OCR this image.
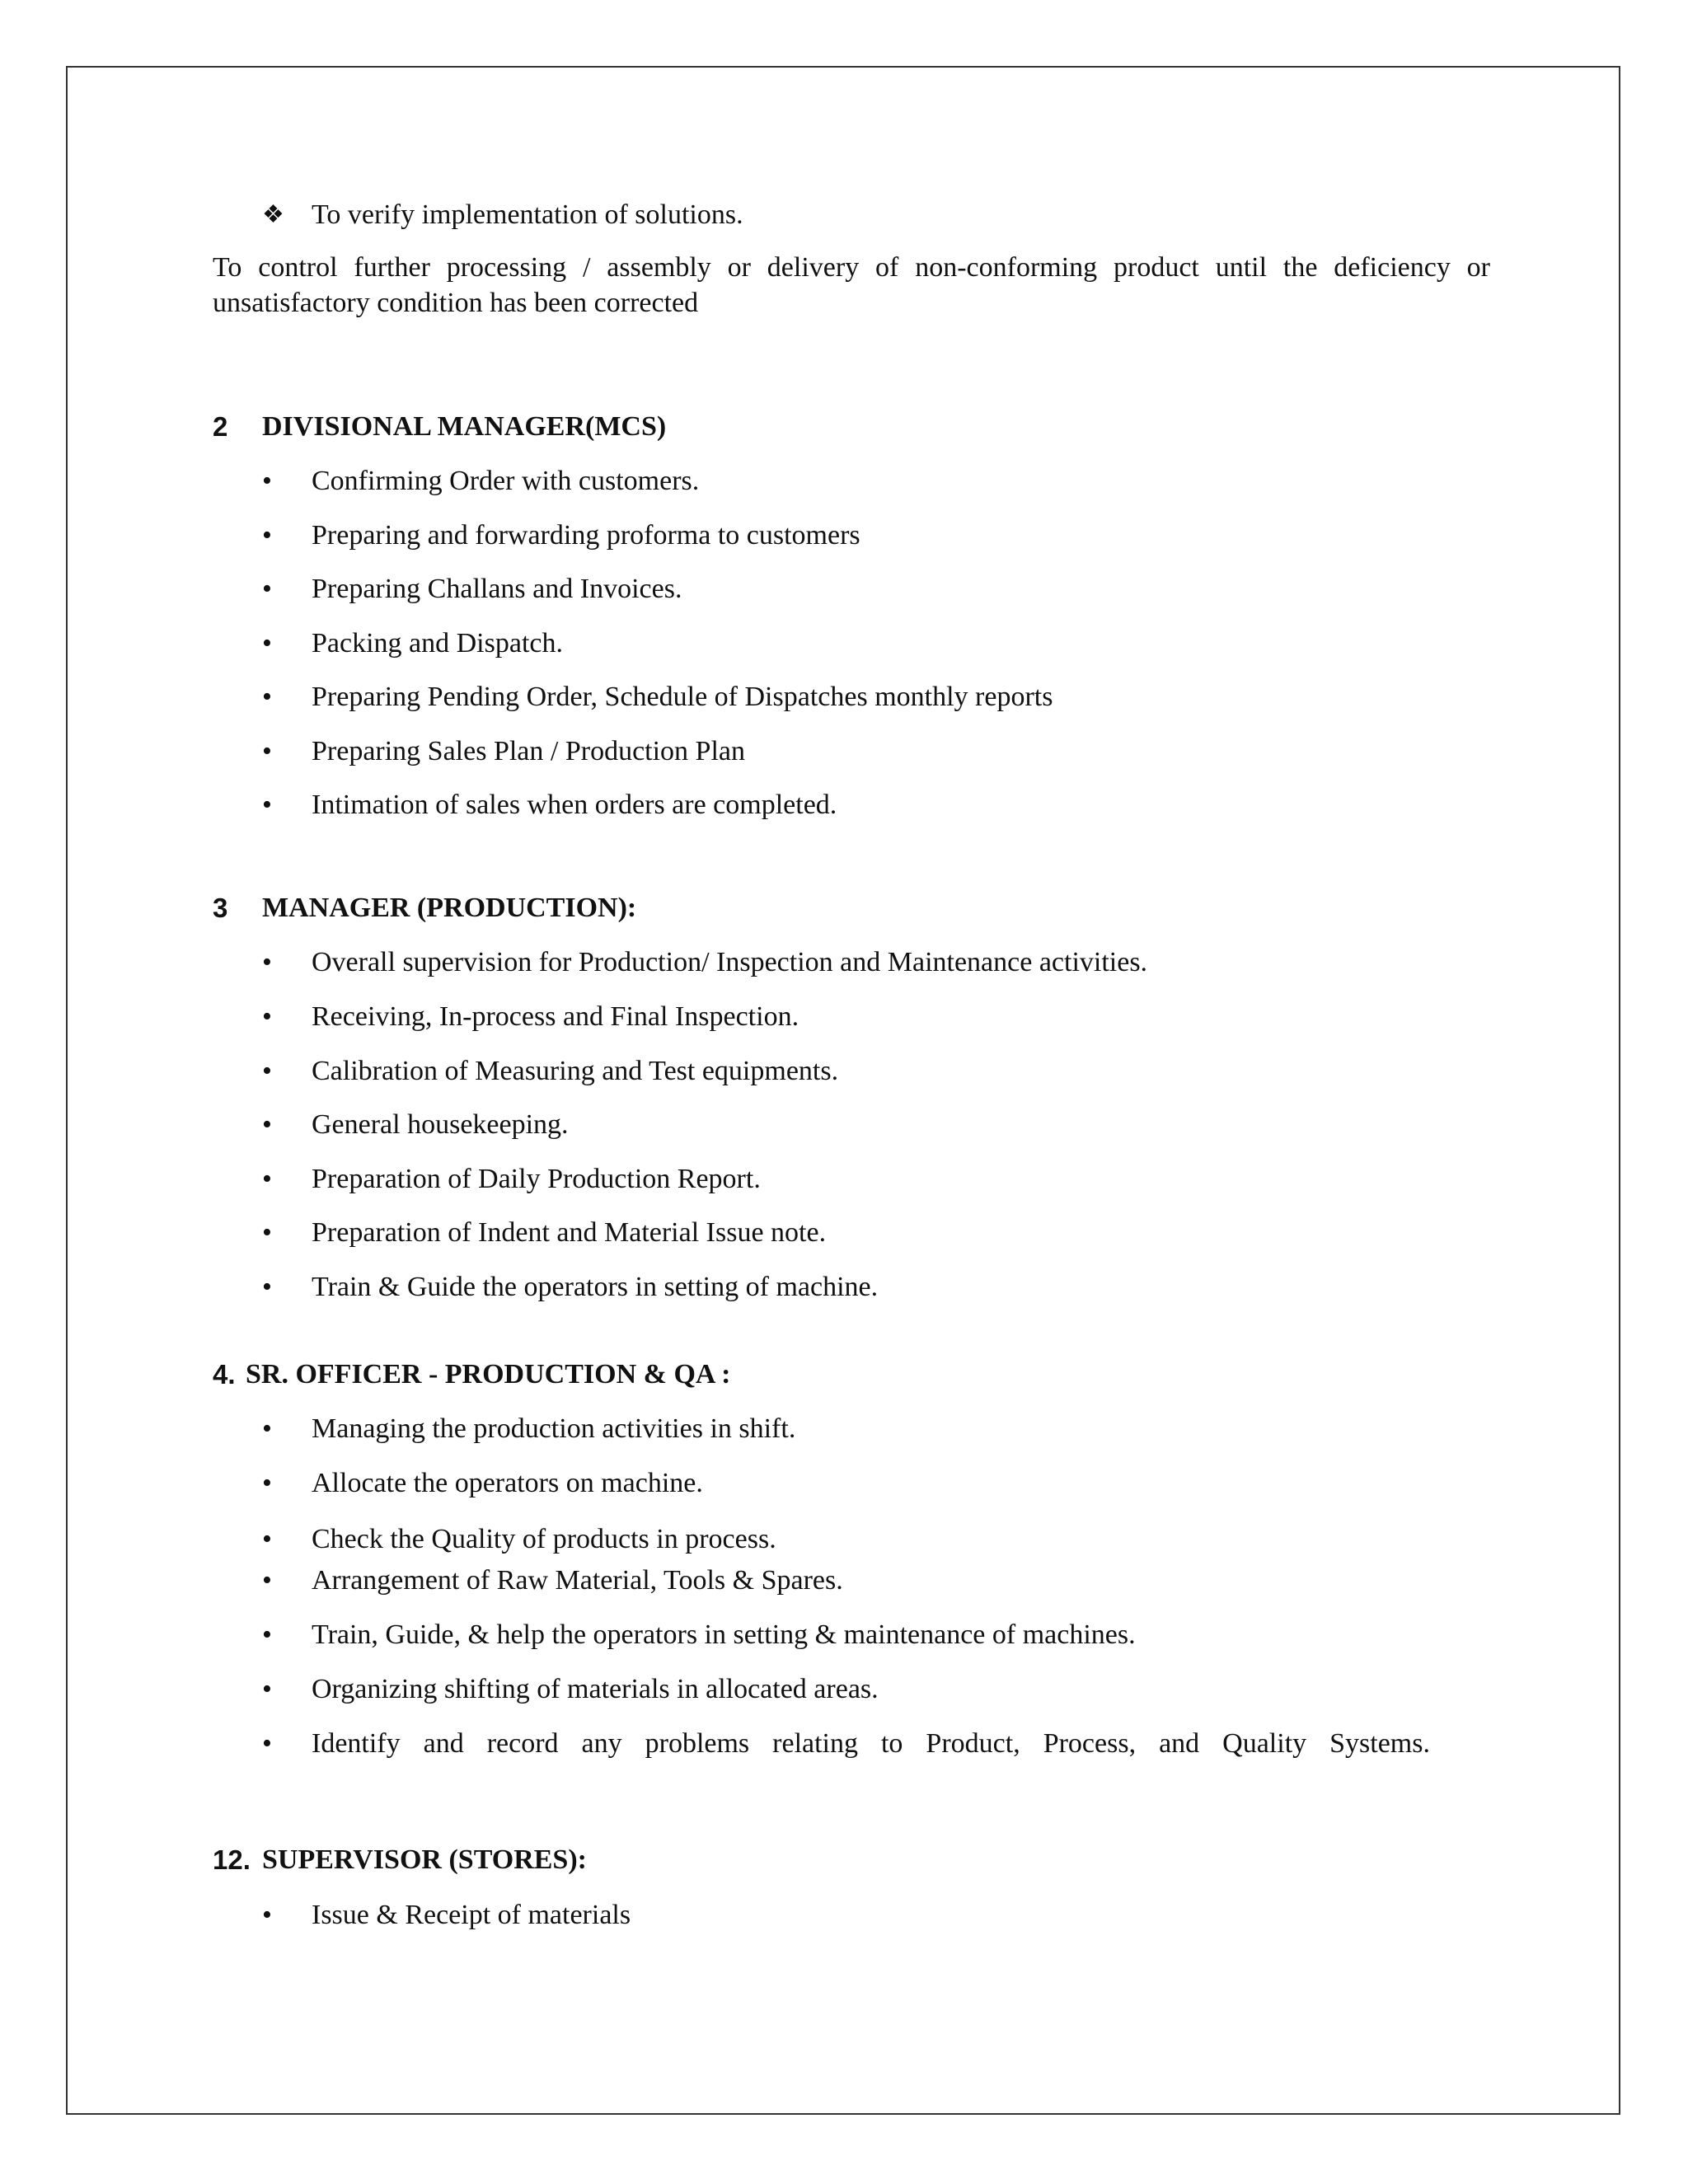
❖ To verify implementation of solutions.
To control further processing / assembly or delivery of non-conforming product until the deficiency or unsatisfactory condition has been corrected
2 DIVISIONAL MANAGER(MCS)
• Confirming Order with customers.
• Preparing and forwarding proforma to customers
• Preparing Challans and Invoices.
• Packing and Dispatch.
• Preparing Pending Order, Schedule of Dispatches monthly reports
• Preparing Sales Plan / Production Plan
• Intimation of sales when orders are completed.
3 MANAGER (PRODUCTION):
• Overall supervision for Production/ Inspection and Maintenance activities.
• Receiving, In-process and Final Inspection.
• Calibration of Measuring and Test equipments.
• General housekeeping.
• Preparation of Daily Production Report.
• Preparation of Indent and Material Issue note.
• Train & Guide the operators in setting of machine.
4. SR. OFFICER - PRODUCTION & QA :
• Managing the production activities in shift.
• Allocate the operators on machine.
• Check the Quality of products in process.
• Arrangement of Raw Material, Tools & Spares.
• Train, Guide, & help the operators in setting & maintenance of machines.
• Organizing shifting of materials in allocated areas.
• Identify and record any problems relating to Product, Process, and Quality Systems.
12. SUPERVISOR (STORES):
• Issue & Receipt of materials
